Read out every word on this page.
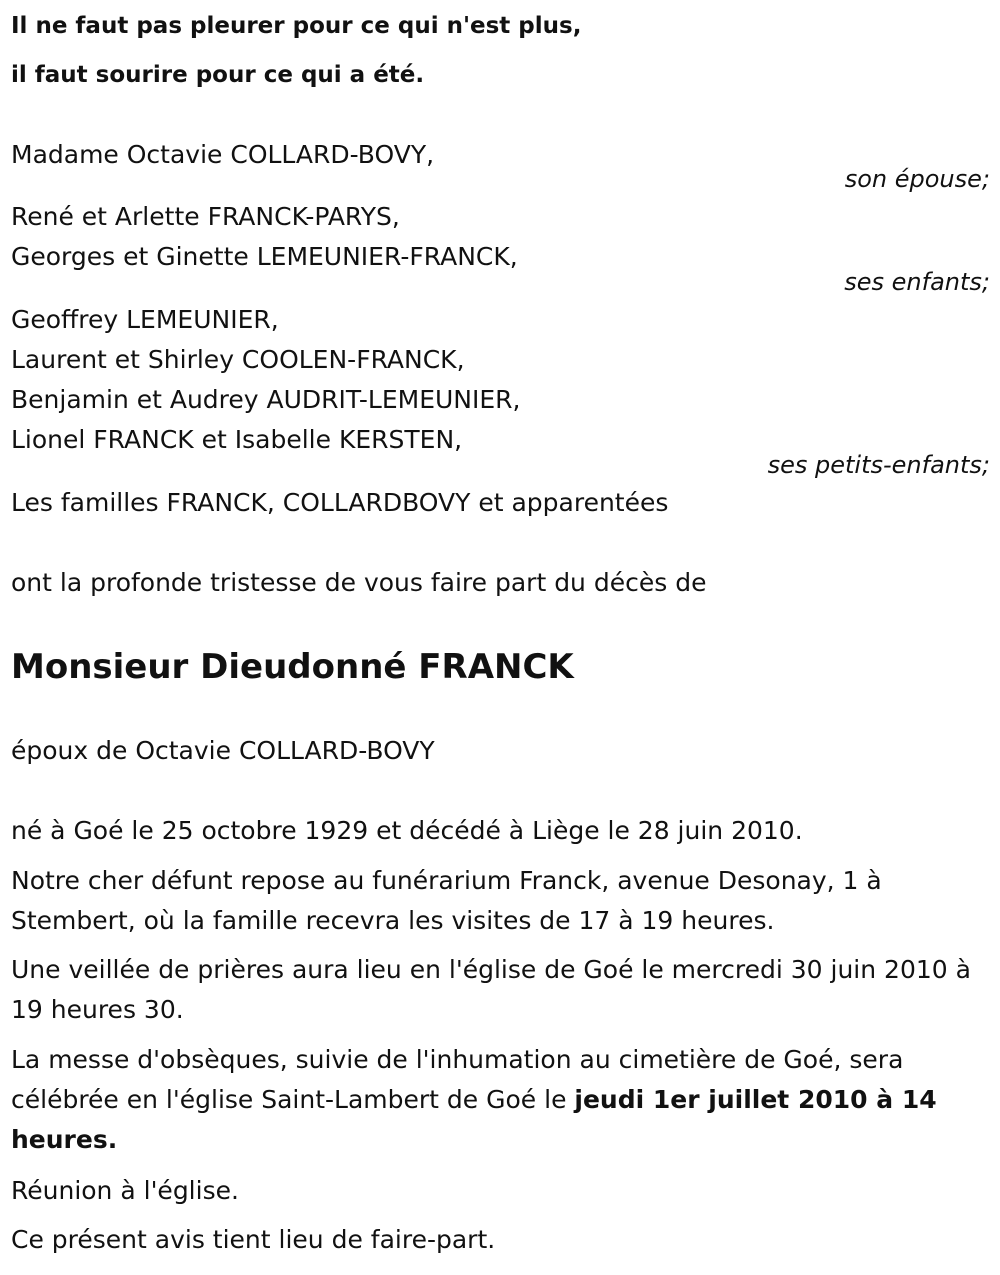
Il ne faut pas pleurer pour ce qui n'est plus,
il faut sourire pour ce qui a été.
Madame Octavie COLLARD-BOVY,
son épouse;
René et Arlette FRANCK-PARYS,
Georges et Ginette LEMEUNIER-FRANCK,
ses enfants;
Geoffrey LEMEUNIER,
Laurent et Shirley COOLEN-FRANCK,
Benjamin et Audrey AUDRIT-LEMEUNIER,
Lionel FRANCK et Isabelle KERSTEN,
ses petits-enfants;
Les familles FRANCK, COLLARDBOVY et apparentées
ont la profonde tristesse de vous faire part du décès de
Monsieur Dieudonné FRANCK
époux de Octavie COLLARD-BOVY
né à Goé le 25 octobre 1929 et décédé à Liège le 28 juin 2010.
Notre cher défunt repose au funérarium Franck, avenue Desonay, 1 à Stembert, où la famille recevra les visites de 17 à 19 heures.
Une veillée de prières aura lieu en l'église de Goé le mercredi 30 juin 2010 à 19 heures 30.
La messe d'obsèques, suivie de l'inhumation au cimetière de Goé, sera célébrée en l'église Saint-Lambert de Goé le jeudi 1er juillet 2010 à 14 heures.
Réunion à l'église.
Ce présent avis tient lieu de faire-part.
